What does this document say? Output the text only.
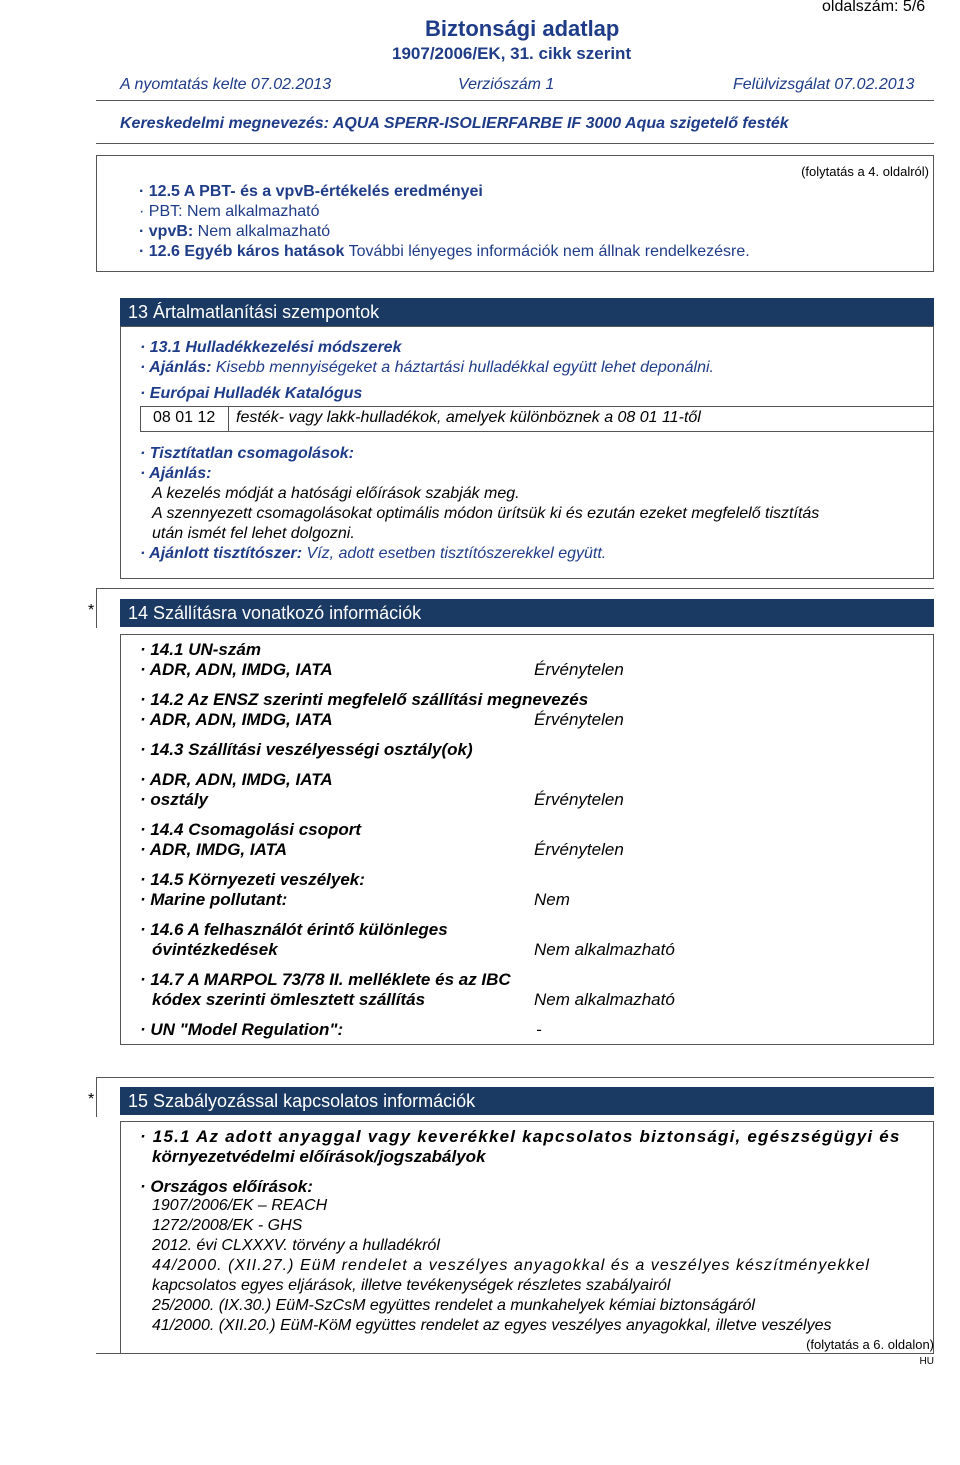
oldalszám: 5/6
Biztonsági adatlap
1907/2006/EK, 31. cikk szerint
A nyomtatás kelte 07.02.2013	Verziószám 1	Felülvizsgálat 07.02.2013
Kereskedelmi megnevezés: AQUA SPERR-ISOLIERFARBE IF 3000 Aqua szigetelő festék
(folytatás a 4. oldalról)
· 12.5 A PBT- és a vpvB-értékelés eredményei
· PBT: Nem alkalmazható
· vpvB: Nem alkalmazható
· 12.6 Egyéb káros hatások További lényeges információk nem állnak rendelkezésre.
13 Ártalmatlanítási szempontok
· 13.1 Hulladékkezelési módszerek
· Ajánlás: Kisebb mennyiségeket a háztartási hulladékkal együtt lehet deponálni.
· Európai Hulladék Katalógus
08 01 12 festék- vagy lakk-hulladékok, amelyek különböznek a 08 01 11-től
· Tisztítatlan csomagolások:
· Ajánlás:
A kezelés módját a hatósági előírások szabják meg.
A szennyezett csomagolásokat optimális módon ürítsük ki és ezután ezeket megfelelő tisztítás
után ismét fel lehet dolgozni.
· Ajánlott tisztítószer: Víz, adott esetben tisztítószerekkel együtt.
*	14 Szállításra vonatkozó információk
· 14.1 UN-szám
· ADR, ADN, IMDG, IATA	Érvénytelen
· 14.2 Az ENSZ szerinti megfelelő szállítási megnevezés
· ADR, ADN, IMDG, IATA	Érvénytelen
· 14.3 Szállítási veszélyességi osztály(ok)
· ADR, ADN, IMDG, IATA
· osztály	Érvénytelen
· 14.4 Csomagolási csoport
· ADR, IMDG, IATA	Érvénytelen
· 14.5 Környezeti veszélyek:
· Marine pollutant:	Nem
· 14.6 A felhasználót érintő különleges
óvintézkedések	Nem alkalmazható
· 14.7 A MARPOL 73/78 II. melléklete és az IBC
kódex szerinti ömlesztett szállítás	Nem alkalmazható
· UN "Model Regulation":	-
*	15 Szabályozással kapcsolatos információk
· 15.1 Az adott anyaggal vagy keverékkel kapcsolatos biztonsági, egészségügyi és
környezetvédelmi előírások/jogszabályok
· Országos előírások:
1907/2006/EK – REACH
1272/2008/EK - GHS
2012. évi CLXXXV. törvény a hulladékról
44/2000. (XII.27.) EüM rendelet a veszélyes anyagokkal és a veszélyes készítményekkel
kapcsolatos egyes eljárások, illetve tevékenységek részletes szabályairól
25/2000. (IX.30.) EüM-SzCsM együttes rendelet a munkahelyek kémiai biztonságáról
41/2000. (XII.20.) EüM-KöM együttes rendelet az egyes veszélyes anyagokkal, illetve veszélyes
(folytatás a 6. oldalon)
HU
